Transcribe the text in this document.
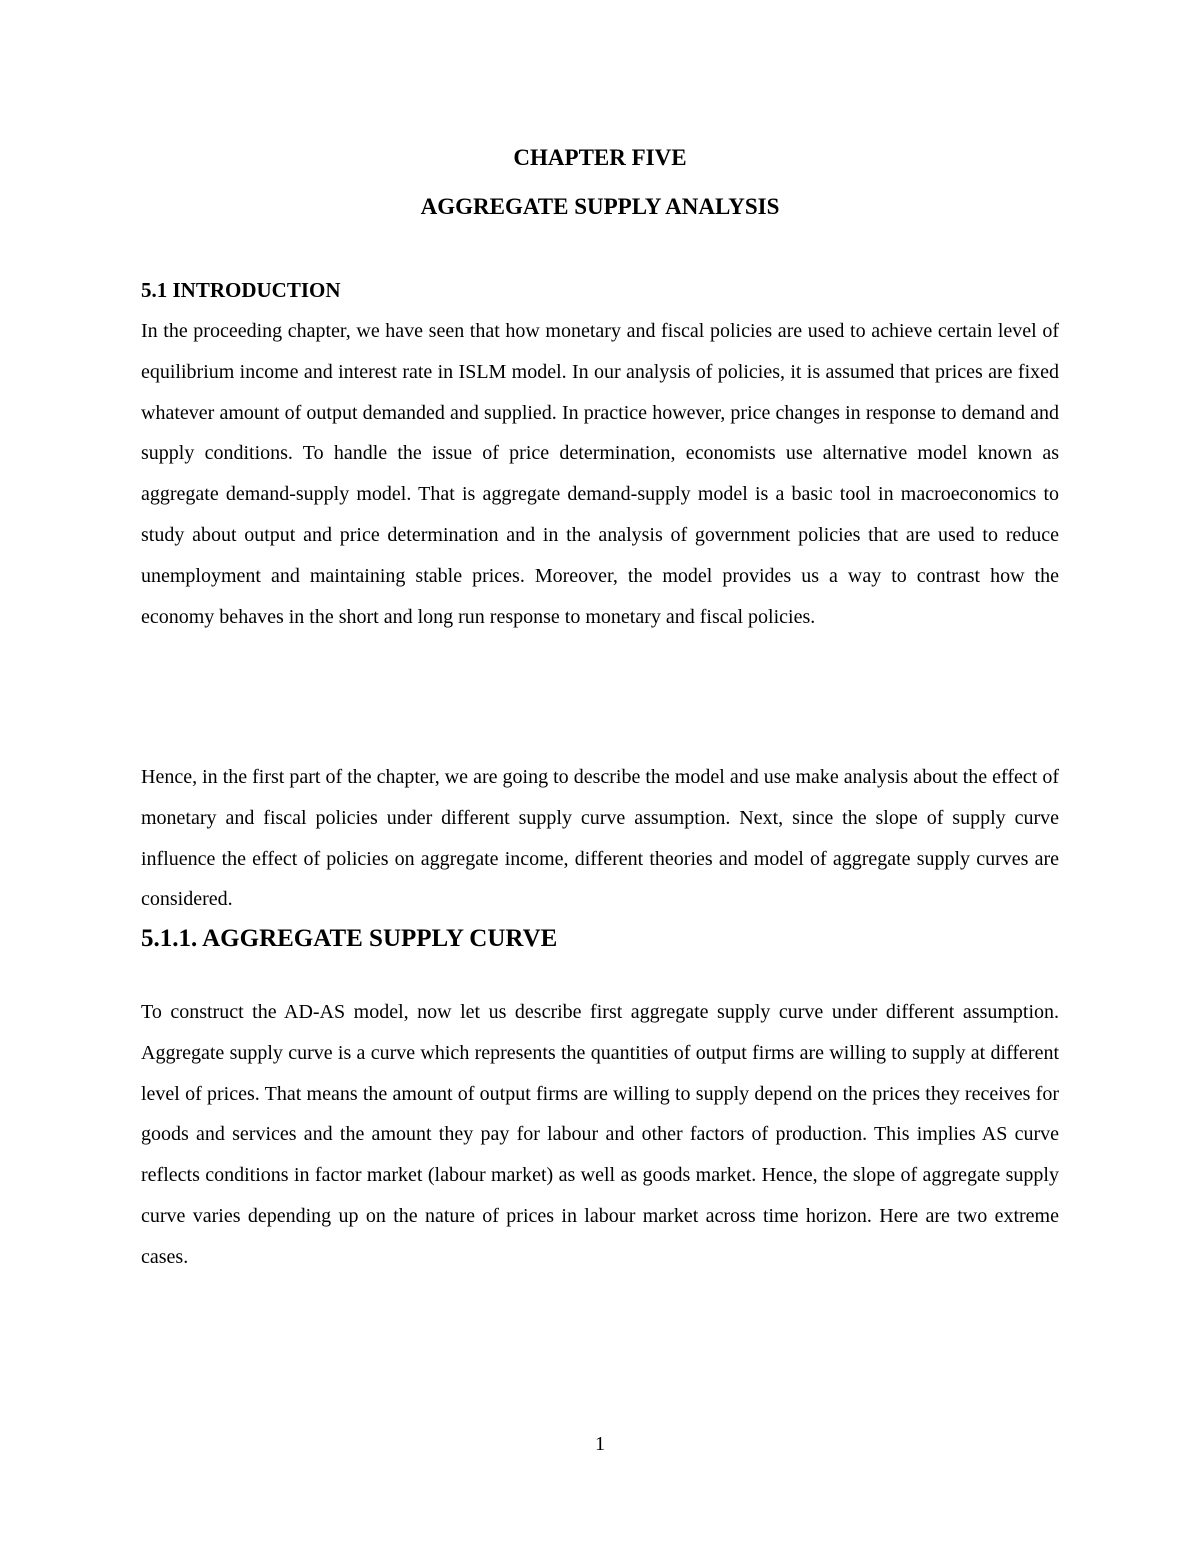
CHAPTER FIVE
AGGREGATE SUPPLY ANALYSIS
5.1 INTRODUCTION

In the proceeding chapter, we have seen that how monetary and fiscal policies are used to achieve certain level of equilibrium income and interest rate in ISLM model. In our analysis of policies, it is assumed that prices are fixed whatever amount of output demanded and supplied. In practice however, price changes in response to demand and supply conditions. To handle the issue of price determination, economists use alternative model known as aggregate demand-supply model. That is aggregate demand-supply model is a basic tool in macroeconomics to study about output and price determination and in the analysis of government policies that are used to reduce unemployment and maintaining stable prices. Moreover, the model provides us a way to contrast how the economy behaves in the short and long run response to monetary and fiscal policies.

Hence, in the first part of the chapter, we are going to describe the model and use make analysis about the effect of monetary and fiscal policies under different supply curve assumption. Next, since the slope of supply curve influence the effect of policies on aggregate income, different theories and model of aggregate supply curves are considered.

5.1.1. AGGREGATE SUPPLY CURVE

To construct the AD-AS model, now let us describe first aggregate supply curve under different assumption. Aggregate supply curve is a curve which represents the quantities of output firms are willing to supply at different level of prices. That means the amount of output firms are willing to supply depend on the prices they receives for goods and services and the amount they pay for labour and other factors of production. This implies AS curve reflects conditions in factor market (labour market) as well as goods market. Hence, the slope of aggregate supply curve varies depending up on the nature of prices in labour market across time horizon. Here are two extreme cases.

1
